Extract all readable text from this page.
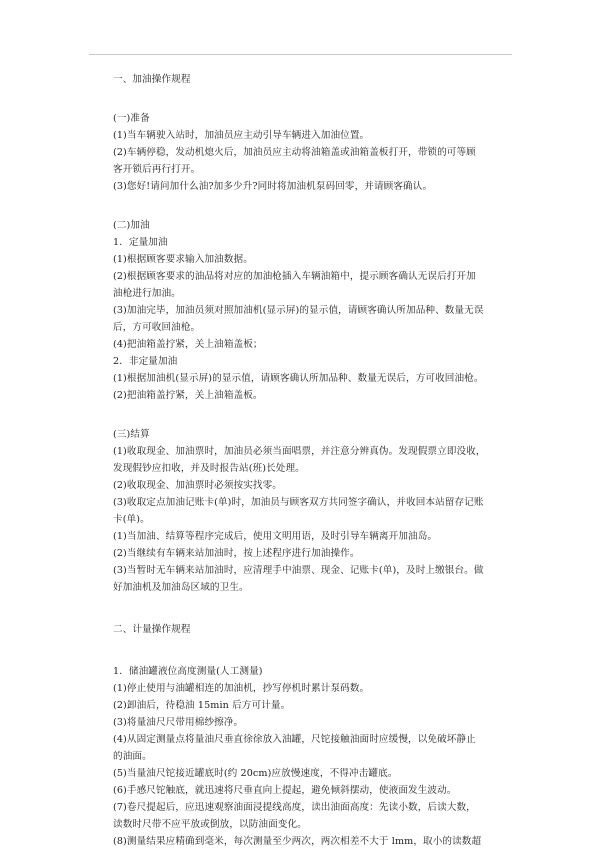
一、加油操作规程

(一)准备

(1)当车辆驶入站时，加油员应主动引导车辆进入加油位置。

(2)车辆停稳，发动机熄火后，加油员应主动将油箱盖或油箱盖板打开，带锁的可等顾

客开锁后再行打开。

(3)您好!请问加什么油?加多少升?同时将加油机泵码回零，并请顾客确认。

(二)加油

1．定量加油

(1)根据顾客要求输入加油数据。

(2)根据顾客要求的油品将对应的加油枪插入车辆油箱中，提示顾客确认无误后打开加

油枪进行加油。

(3)加油完毕，加油员须对照加油机(显示屏)的显示值，请顾客确认所加品种、数量无误

后，方可收回油枪。

(4)把油箱盖拧紧，关上油箱盖板；

2．非定量加油

(1)根据加油机(显示屏)的显示值，请顾客确认所加品种、数量无误后，方可收回油枪。

(2)把油箱盖拧紧，关上油箱盖板。

(三)结算

(1)收取现金、加油票时，加油员必须当面唱票，并注意分辨真伪。发现假票立即没收，

发现假钞应扣收，并及时报告站(班)长处理。

(2)收取现金、加油票时必须按实找零。

(3)收取定点加油记账卡(单)时，加油员与顾客双方共同签字确认，并收回本站留存记账

卡(单)。

(1)当加油、结算等程序完成后，使用文明用语，及时引导车辆离开加油岛。

(2)当继续有车辆来站加油时，按上述程序进行加油操作。

(3)当暂时无车辆来站加油时，应清理手中油票、现金、记账卡(单)，及时上缴银台。做

好加油机及加油岛区域的卫生。

二、计量操作规程

1．储油罐液位高度测量(人工测量)

(1)停止使用与油罐相连的加油机，抄写停机时累计泵码数。

(2)卸油后，待稳油 15min 后方可计量。

(3)将量油尺尺带用棉纱擦净。

(4)从固定测量点将量油尺垂直徐徐放入油罐，尺铊接触油面时应缓慢，以免破坏静止

的油面。

(5)当量油尺铊接近罐底时(约 20cm)应放慢速度，不得冲击罐底。

(6)手感尺铊触底，就迅速将尺垂直向上提起，避免倾斜摆动，使液面发生波动。

(7)卷尺提起后，应迅速观察油面浸提线高度，读出油面高度：先读小数，后读大数，

读数时尺带不应平放或倒放，以防油面变化。

(8)测量结果应精确到毫米，每次测量至少两次，两次相差不大于 lmm，取小的读数超
